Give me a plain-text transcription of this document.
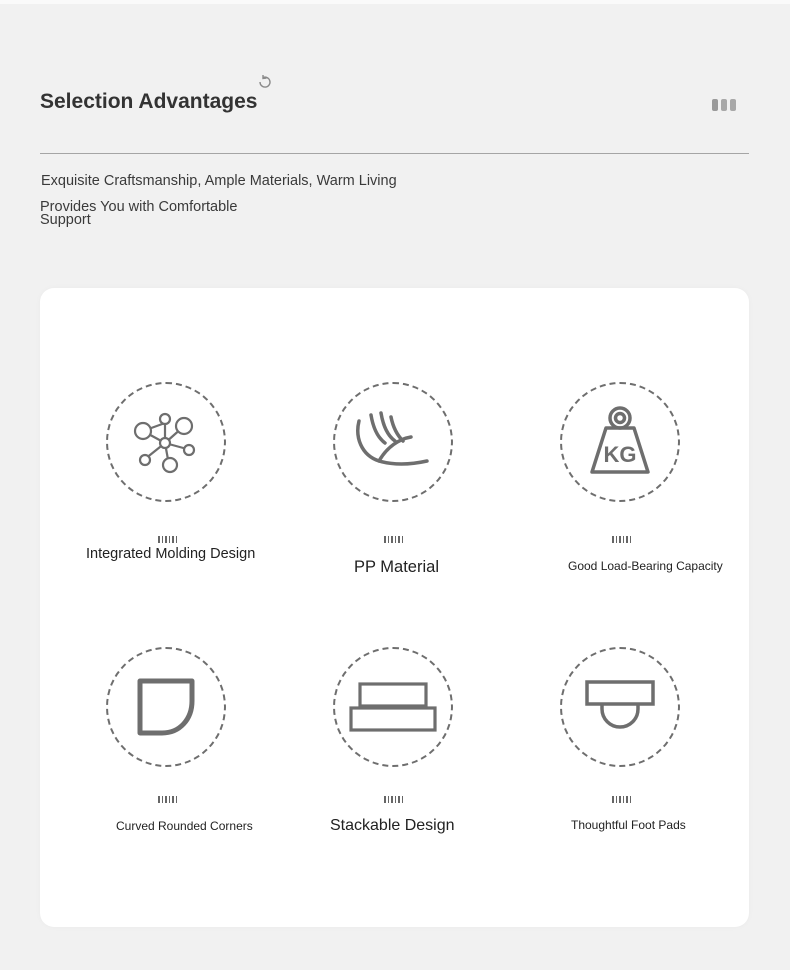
Selection Advantages
Exquisite Craftsmanship, Ample Materials, Warm Living
Provides You with Comfortable Support
Integrated Molding Design
PP Material
KG
Good Load-Bearing Capacity
Curved Rounded Corners	Stackable Design	Thoughtful Foot Pads
